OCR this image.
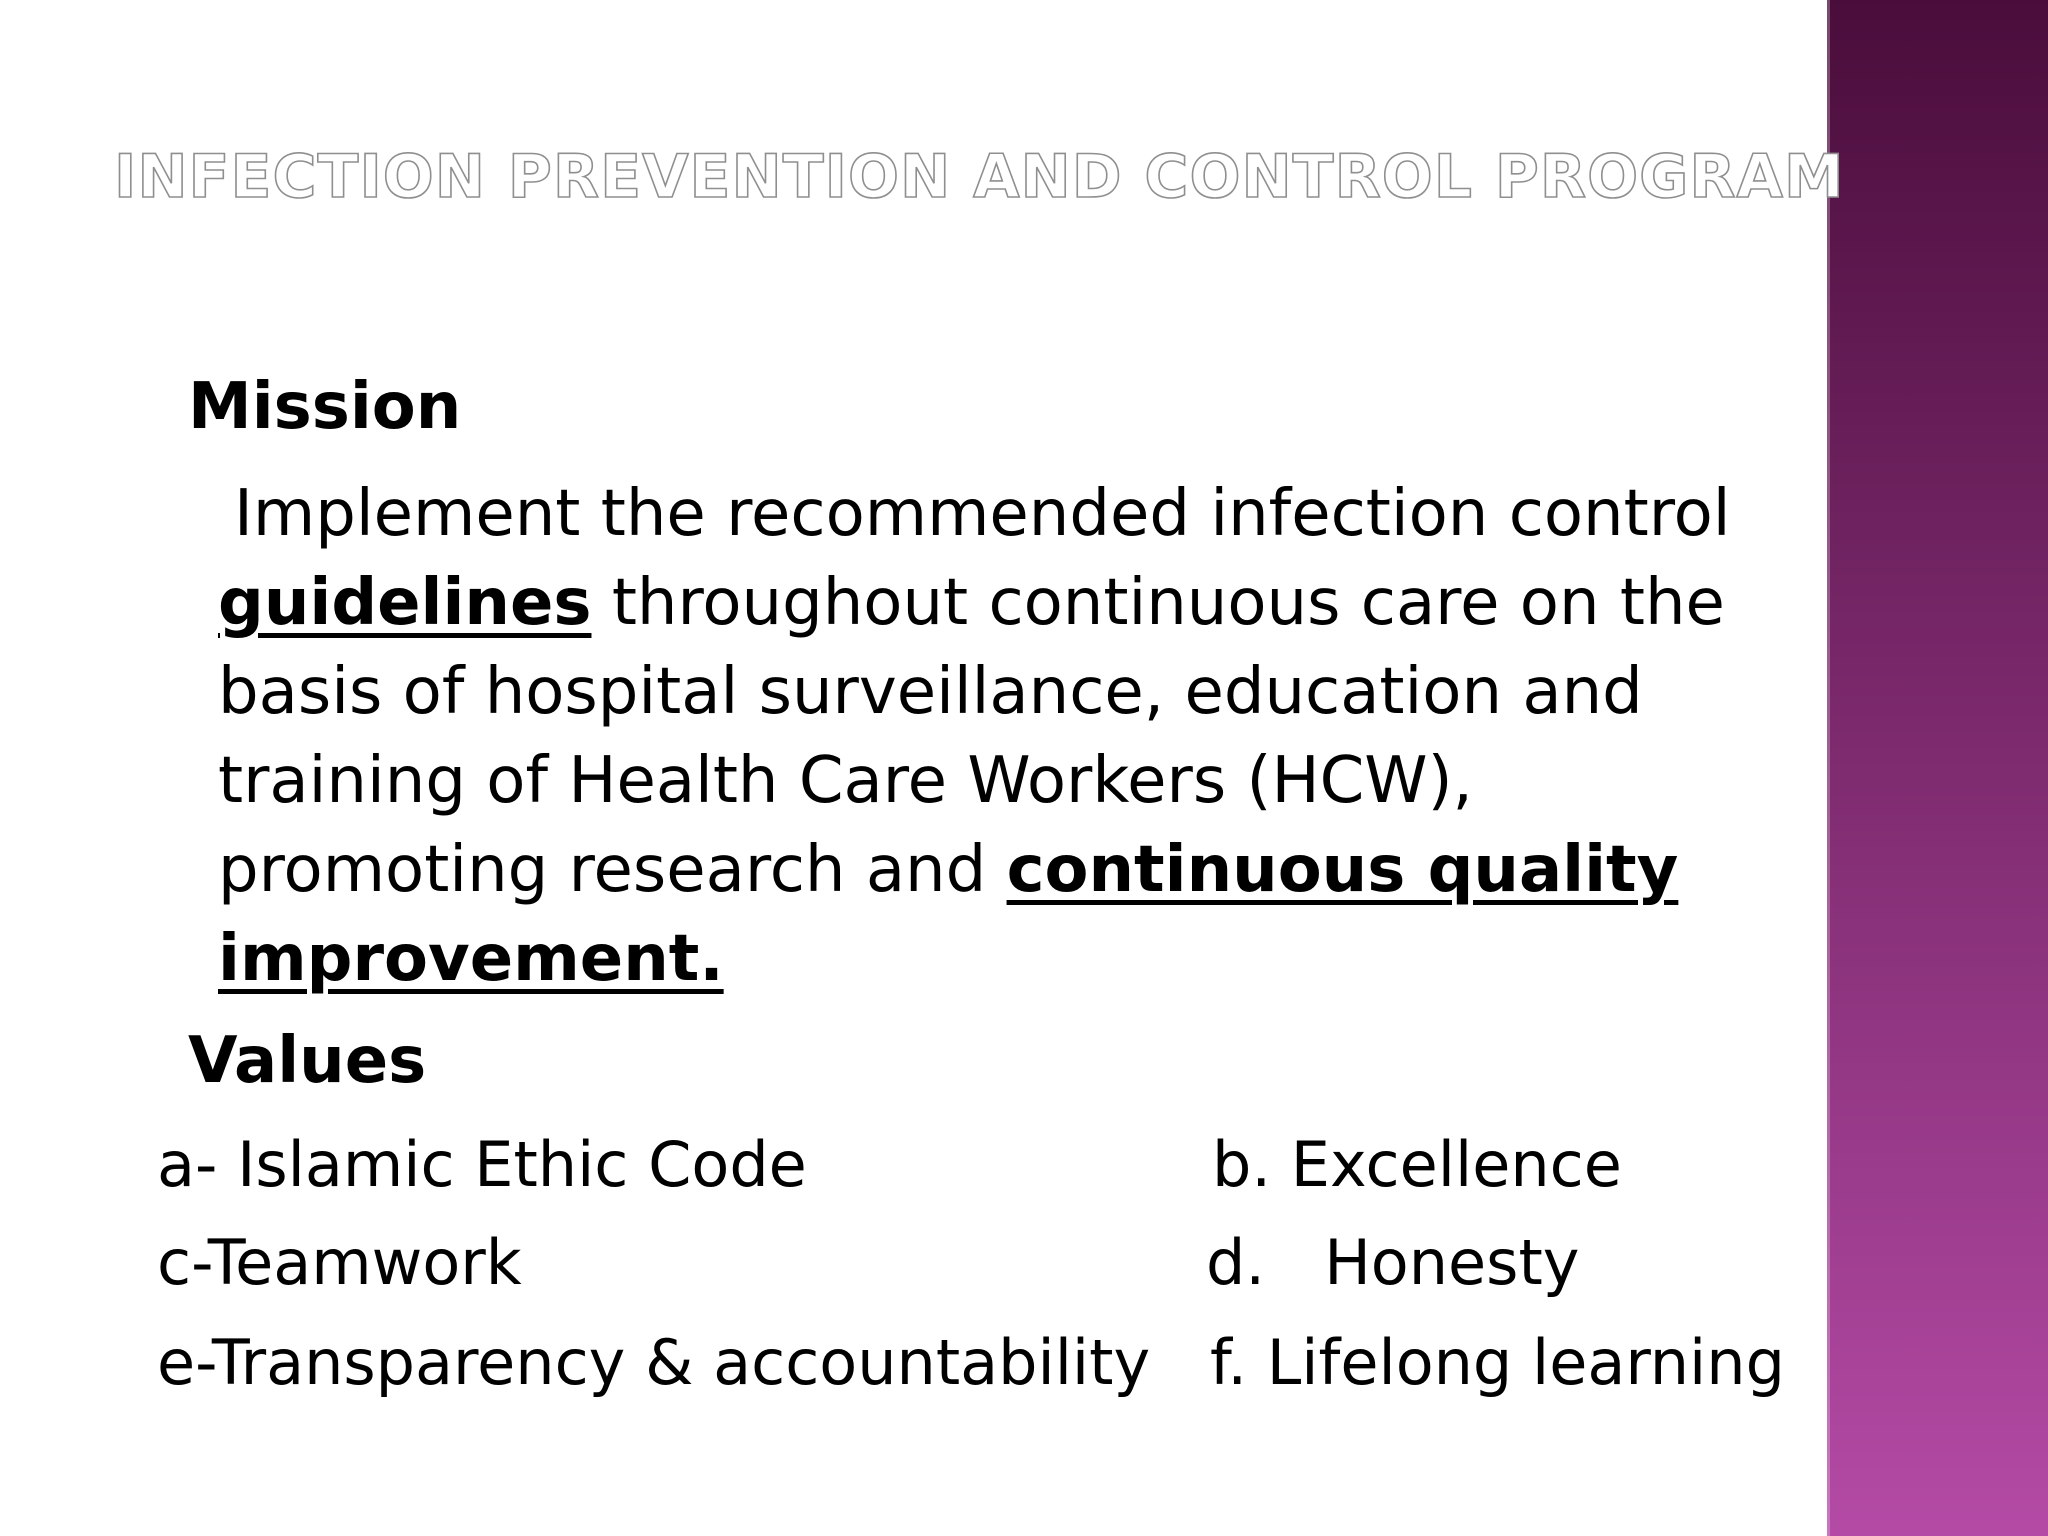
INFECTION PREVENTION AND CONTROL PROGRAM
Mission
Implement the recommended infection control
guidelines throughout continuous care on the
basis of hospital surveillance, education and
training of Health Care Workers (HCW),
promoting research and continuous quality
improvement.
Values

a- Islamic Ethic Code	b. Excellence

c-Teamwork	d.   Honesty

e-Transparency & accountability f. Lifelong learning
